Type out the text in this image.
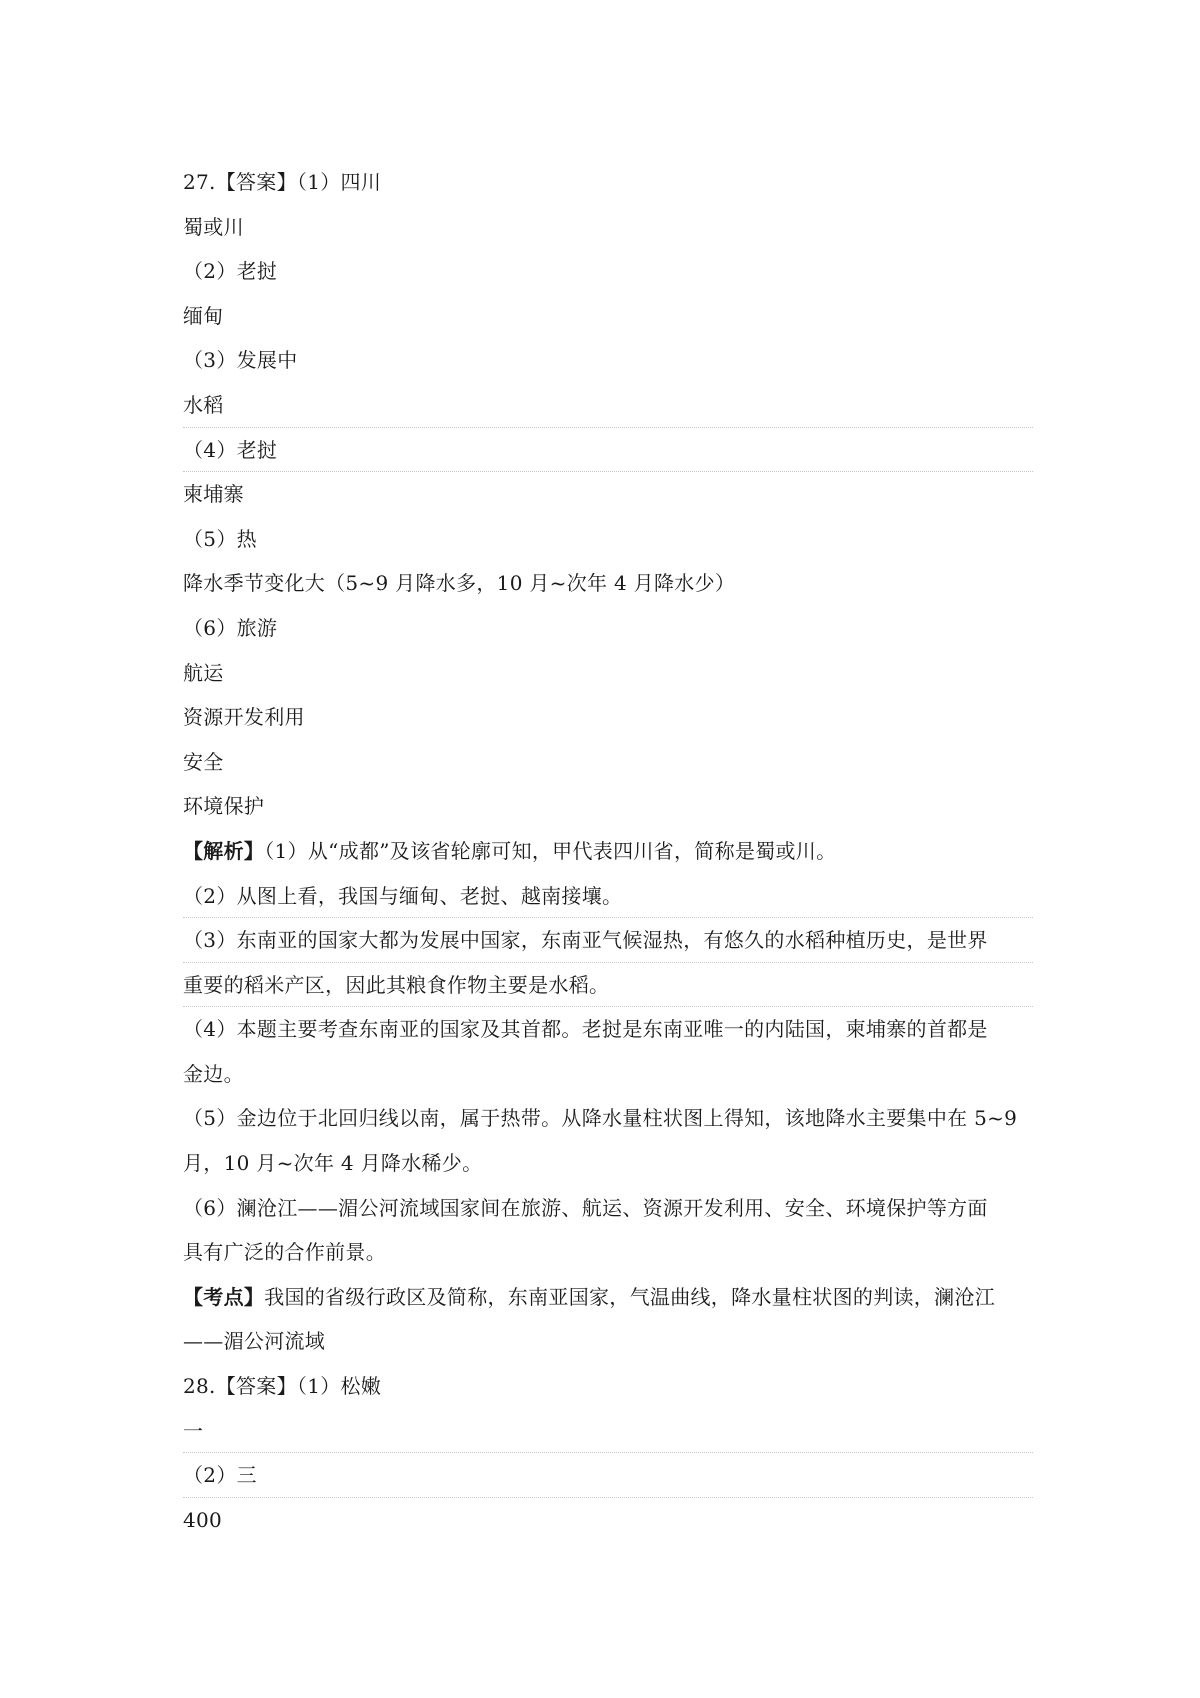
27.【答案】（1）四川
蜀或川
（2）老挝
缅甸
（3）发展中
水稻
（4）老挝
柬埔寨
（5）热
降水季节变化大（5~9 月降水多，10 月~次年 4 月降水少）
（6）旅游
航运
资源开发利用
安全
环境保护
【解析】（1）从“成都”及该省轮廓可知，甲代表四川省，简称是蜀或川。
（2）从图上看，我国与缅甸、老挝、越南接壤。
（3）东南亚的国家大都为发展中国家，东南亚气候湿热，有悠久的水稻种植历史，是世界
重要的稻米产区，因此其粮食作物主要是水稻。
（4）本题主要考查东南亚的国家及其首都。老挝是东南亚唯一的内陆国，柬埔寨的首都是
金边。
（5）金边位于北回归线以南，属于热带。从降水量柱状图上得知，该地降水主要集中在 5~9
月，10 月~次年 4 月降水稀少。
（6）澜沧江——湄公河流域国家间在旅游、航运、资源开发利用、安全、环境保护等方面
具有广泛的合作前景。
【考点】我国的省级行政区及简称，东南亚国家，气温曲线，降水量柱状图的判读，澜沧江
——湄公河流域
28.【答案】（1）松嫩
一
（2）三
400
